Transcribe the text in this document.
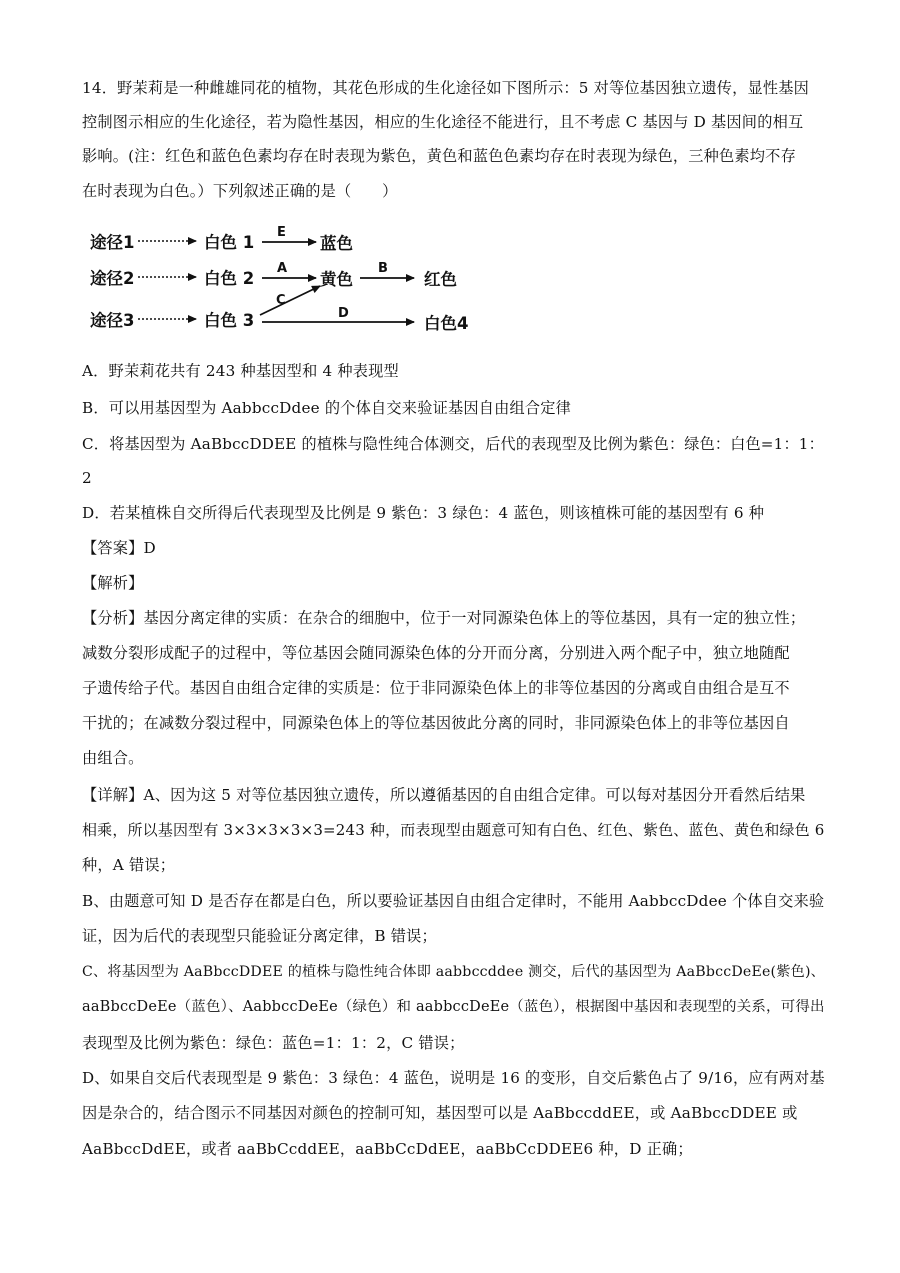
14．野茉莉是一种雌雄同花的植物，其花色形成的生化途径如下图所示：5 对等位基因独立遗传，显性基因
控制图示相应的生化途径，若为隐性基因，相应的生化途径不能进行，且不考虑 C 基因与 D 基因间的相互
影响。(注：红色和蓝色色素均存在时表现为紫色，黄色和蓝色色素均存在时表现为绿色，三种色素均不存
在时表现为白色。）下列叙述正确的是（　　）
途径1	白色 1
E
蓝色
途径2	白色 2
A
黄色
B
红色
途径3	白色 3
C
D
白色4
A．野茉莉花共有 243 种基因型和 4 种表现型
B．可以用基因型为 AabbccDdee 的个体自交来验证基因自由组合定律
C．将基因型为 AaBbccDDEE 的植株与隐性纯合体测交，后代的表现型及比例为紫色：绿色：白色=1：1：
2
D．若某植株自交所得后代表现型及比例是 9 紫色：3 绿色：4 蓝色，则该植株可能的基因型有 6 种
【答案】D
【解析】
【分析】基因分离定律的实质：在杂合的细胞中，位于一对同源染色体上的等位基因，具有一定的独立性；
减数分裂形成配子的过程中，等位基因会随同源染色体的分开而分离，分别进入两个配子中，独立地随配
子遗传给子代。基因自由组合定律的实质是：位于非同源染色体上的非等位基因的分离或自由组合是互不
干扰的；在减数分裂过程中，同源染色体上的等位基因彼此分离的同时，非同源染色体上的非等位基因自
由组合。
【详解】A、因为这 5 对等位基因独立遗传，所以遵循基因的自由组合定律。可以每对基因分开看然后结果
相乘，所以基因型有 3×3×3×3×3=243 种，而表现型由题意可知有白色、红色、紫色、蓝色、黄色和绿色 6
种，A 错误；
B、由题意可知 D 是否存在都是白色，所以要验证基因自由组合定律时，不能用 AabbccDdee 个体自交来验
证，因为后代的表现型只能验证分离定律，B 错误；
C、将基因型为 AaBbccDDEE 的植株与隐性纯合体即 aabbccddee 测交，后代的基因型为 AaBbccDeEe(紫色)、
aaBbccDeEe（蓝色）、AabbccDeEe（绿色）和 aabbccDeEe（蓝色），根据图中基因和表现型的关系，可得出
表现型及比例为紫色：绿色：蓝色=1：1：2，C 错误；
D、如果自交后代表现型是 9 紫色：3 绿色：4 蓝色，说明是 16 的变形，自交后紫色占了 9/16，应有两对基
因是杂合的，结合图示不同基因对颜色的控制可知，基因型可以是 AaBbccddEE，或 AaBbccDDEE 或
AaBbccDdEE，或者 aaBbCcddEE，aaBbCcDdEE，aaBbCcDDEE6 种，D 正确；
